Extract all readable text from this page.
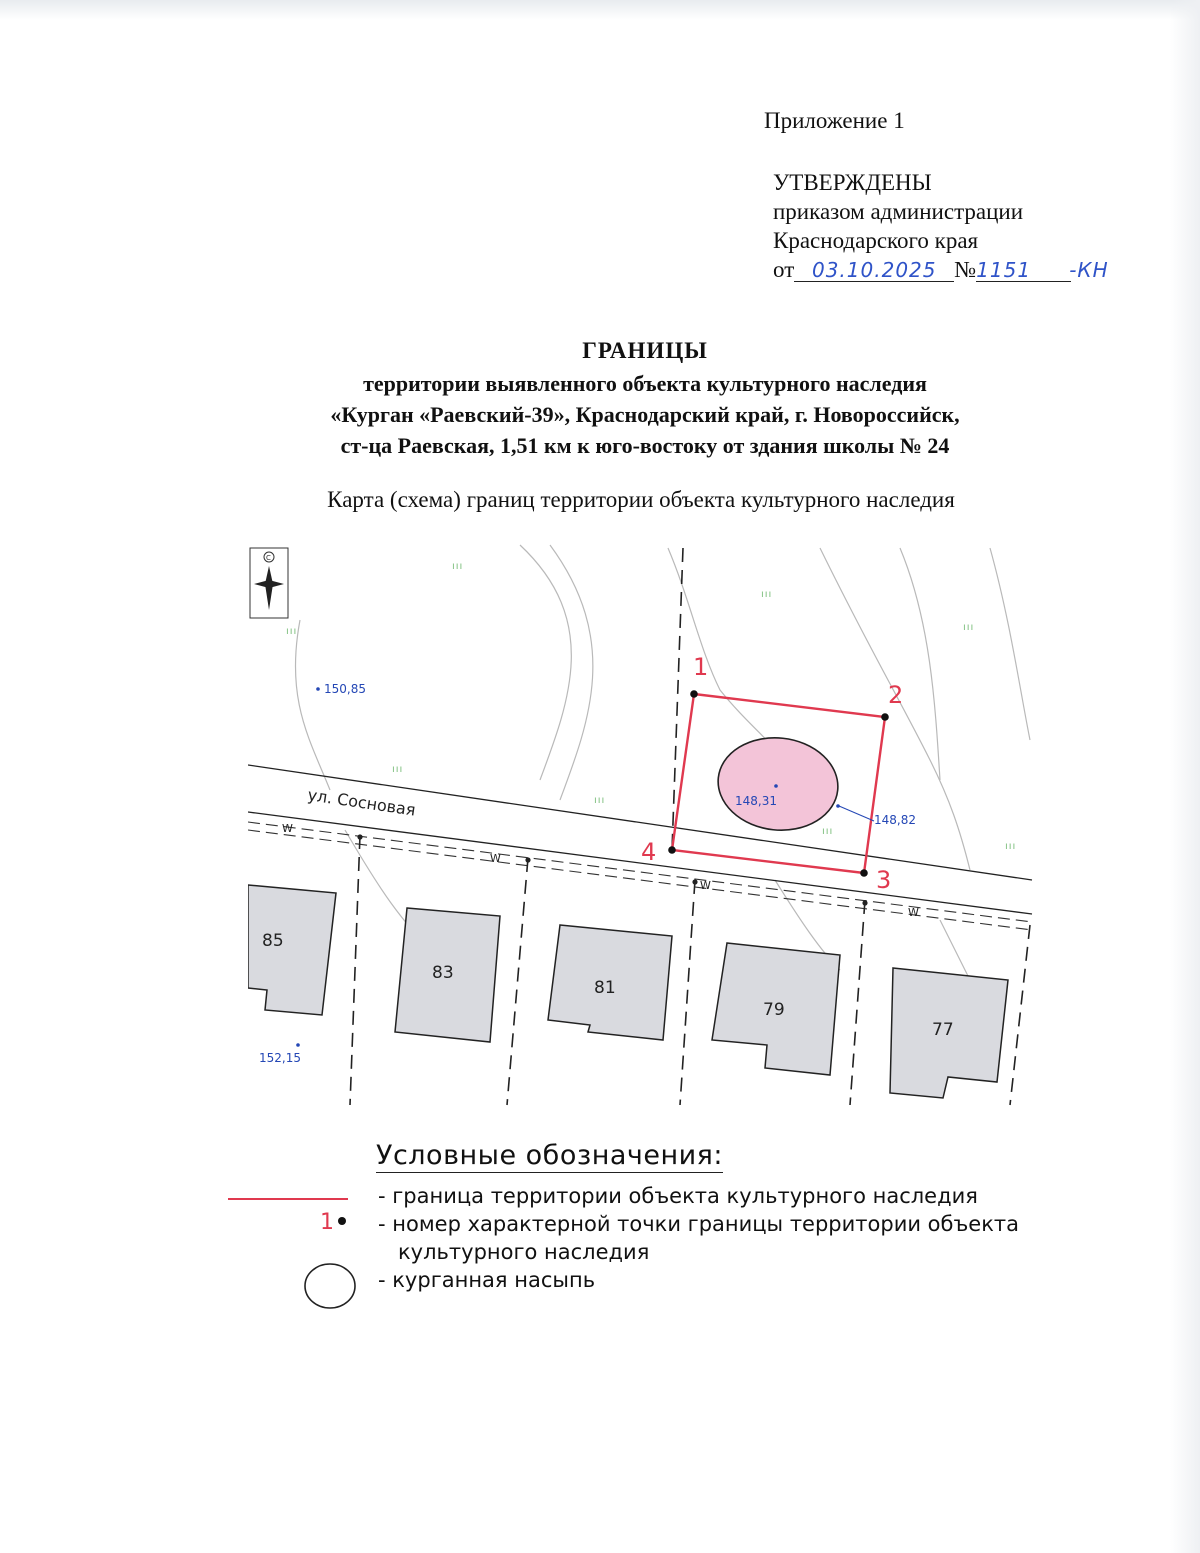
Приложение 1
УТВЕРЖДЕНЫ
приказом администрации
Краснодарского края
от 03.10.2025 №1151 -КН
ГРАНИЦЫ
территории выявленного объекта культурного наследия
«Курган «Раевский-39», Краснодарский край, г. Новороссийск,
ст-ца Раевская, 1,51 км к юго-востоку от здания школы № 24
Карта (схема) границ территории объекта культурного наследия
W
W
W
W
85
83
81
79
77
ııı
ııı
ııı
ııı
ııı
ııı
ııı
ııı
C
1
2
3
4
ул. Сосновая
150,85
148,31
148,82
152,15
Условные обозначения:
- граница территории объекта культурного наследия
1 - номер характерной точки границы территории объекта
культурного наследия
- курганная насыпь
